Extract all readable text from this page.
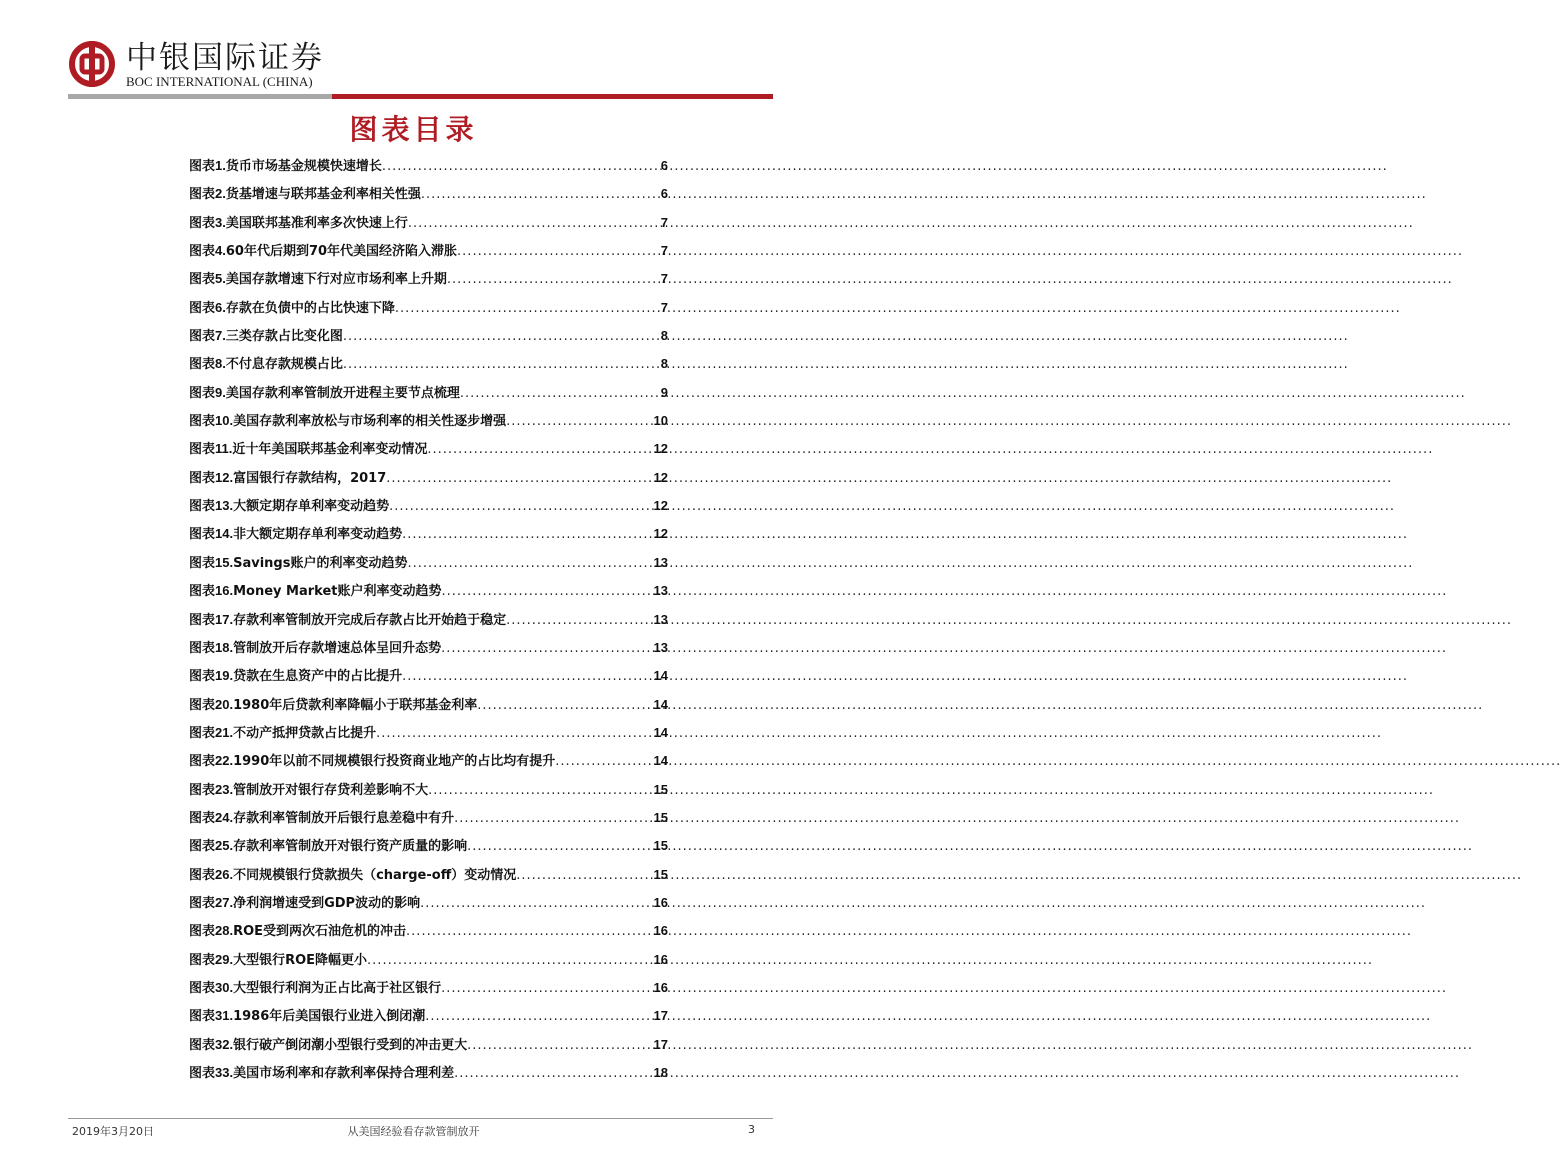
中银国际证券
BOC INTERNATIONAL (CHINA)
图表目录
图表 1. 货币市场基金规模快速增长 .....	6
图表 2. 货基增速与联邦基金利率相关性强 .....	6
图表 3. 美国联邦基准利率多次快速上行 .....	7
图表 4. 60年代后期到70年代美国经济陷入滞胀 .....	7
图表 5. 美国存款增速下行对应市场利率上升期 .....	7
图表 6. 存款在负债中的占比快速下降 .....	7
图表 7. 三类存款占比变化图 .....	8
图表 8. 不付息存款规模占比 .....	8
图表 9. 美国存款利率管制放开进程主要节点梳理 .....	9
图表 10. 美国存款利率放松与市场利率的相关性逐步增强 .....	10
图表 11. 近十年美国联邦基金利率变动情况 .....	12
图表 12. 富国银行存款结构，2017 .....	12
图表 13. 大额定期存单利率变动趋势 .....	12
图表 14. 非大额定期存单利率变动趋势 .....	12
图表 15. Savings账户的利率变动趋势 .....	13
图表 16. Money Market账户利率变动趋势 .....	13
图表 17. 存款利率管制放开完成后存款占比开始趋于稳定 .....	13
图表 18. 管制放开后存款增速总体呈回升态势 .....	13
图表 19. 贷款在生息资产中的占比提升 .....	14
图表 20. 1980年后贷款利率降幅小于联邦基金利率 .....	14
图表 21. 不动产抵押贷款占比提升 .....	14
图表 22. 1990年以前不同规模银行投资商业地产的占比均有提升 .....	14
图表 23. 管制放开对银行存贷利差影响不大 .....	15
图表 24. 存款利率管制放开后银行息差稳中有升 .....	15
图表 25. 存款利率管制放开对银行资产质量的影响 .....	15
图表 26. 不同规模银行贷款损失（charge-off）变动情况 .....	15
图表 27. 净利润增速受到GDP波动的影响 .....	16
图表 28. ROE受到两次石油危机的冲击 .....	16
图表 29. 大型银行ROE降幅更小 .....	16
图表 30. 大型银行利润为正占比高于社区银行 .....	16
图表 31. 1986年后美国银行业进入倒闭潮 .....	17
图表 32. 银行破产倒闭潮小型银行受到的冲击更大 .....	17
图表 33. 美国市场利率和存款利率保持合理利差 .....	18
2019年3月20日	从美国经验看存款管制放开	3
